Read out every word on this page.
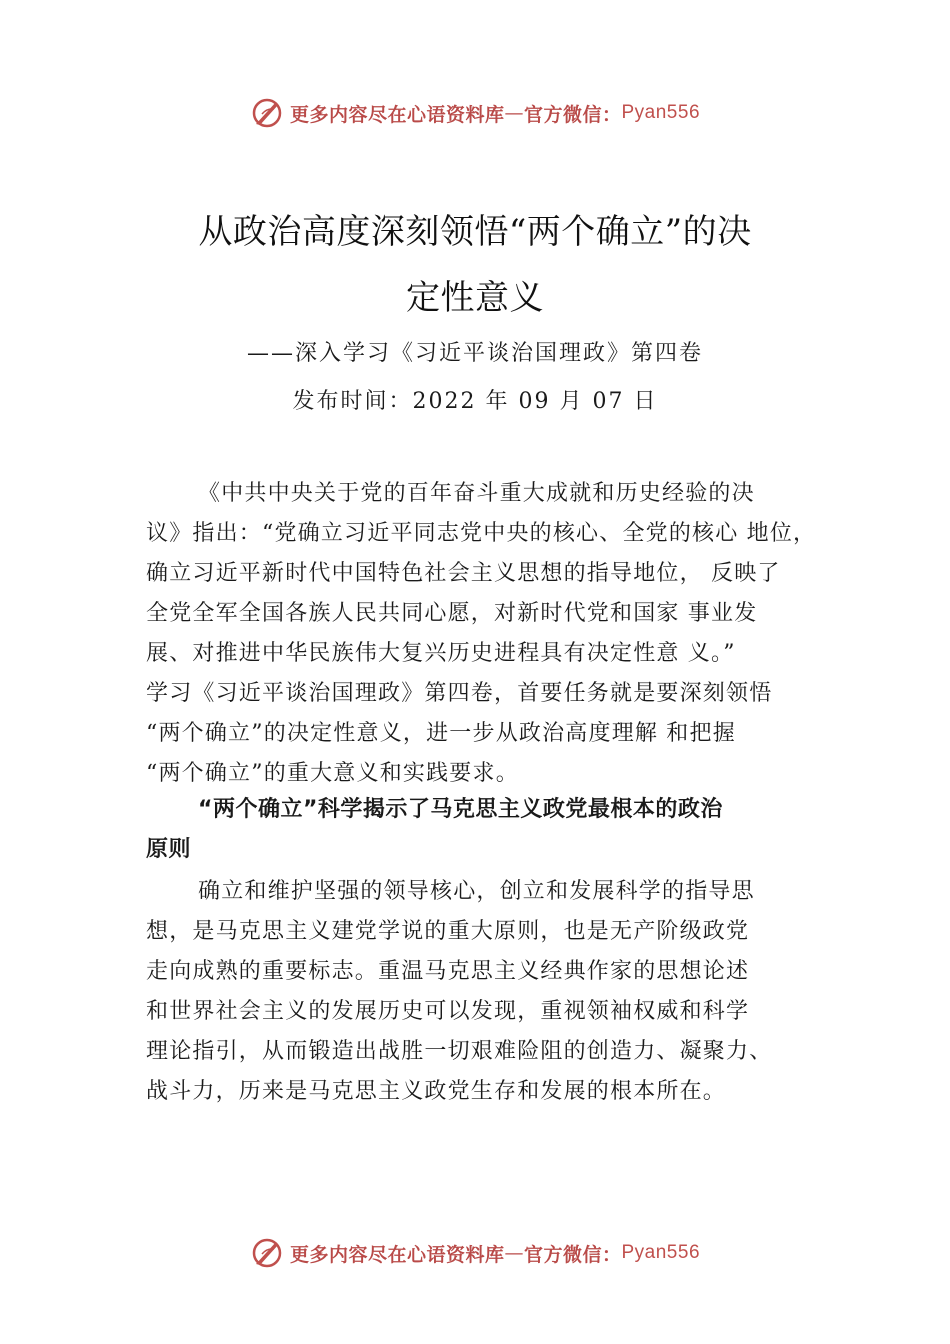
更多内容尽在心语资料库 — 官方微信： Pyan556
从政治高度深刻领悟“两个确立”的决
定性意义
——深入学习《习近平谈治国理政》第四卷
发布时间：2022 年 09 月 07 日
《中共中央关于党的百年奋斗重大成就和历史经验的决
议》指出：“党确立习近平同志党中央的核心、全党的核心 地位，
确立习近平新时代中国特色社会主义思想的指导地位， 反映了
全党全军全国各族人民共同心愿，对新时代党和国家 事业发
展、对推进中华民族伟大复兴历史进程具有决定性意 义。”
学习《习近平谈治国理政》第四卷，首要任务就是要深刻领悟
“两个确立”的决定性意义，进一步从政治高度理解 和把握
“两个确立”的重大意义和实践要求。
“两个确立”科学揭示了马克思主义政党最根本的政治
原则
确立和维护坚强的领导核心，创立和发展科学的指导思
想，是马克思主义建党学说的重大原则，也是无产阶级政党
走向成熟的重要标志。重温马克思主义经典作家的思想论述
和世界社会主义的发展历史可以发现，重视领袖权威和科学
理论指引，从而锻造出战胜一切艰难险阻的创造力、凝聚力、
战斗力，历来是马克思主义政党生存和发展的根本所在。
更多内容尽在心语资料库 — 官方微信： Pyan556
